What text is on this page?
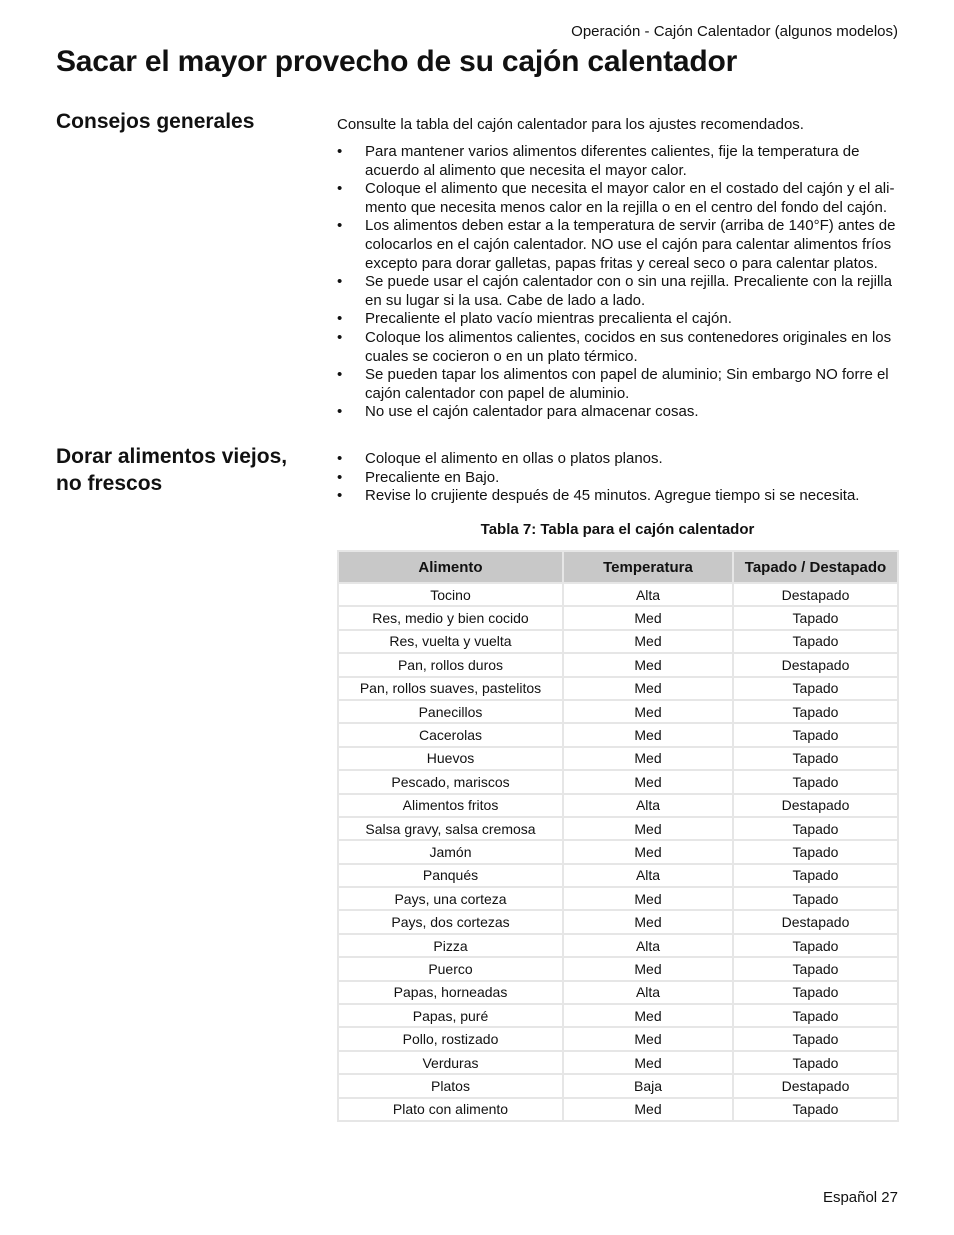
Operación - Cajón Calentador (algunos modelos)
Sacar el mayor provecho de su cajón calentador
Consejos generales	Consulte la tabla del cajón calentador para los ajustes recomendados.

• Para mantener varios alimentos diferentes calientes, fije la temperatura de acuerdo al alimento que necesita el mayor calor.
• Coloque el alimento que necesita el mayor calor en el costado del cajón y el ali- mento que necesita menos calor en la rejilla o en el centro del fondo del cajón.
• Los alimentos deben estar a la temperatura de servir (arriba de 140°F) antes de colocarlos en el cajón calentador. NO use el cajón para calentar alimentos fríos excepto para dorar galletas, papas fritas y cereal seco o para calentar platos.
• Se puede usar el cajón calentador con o sin una rejilla. Precaliente con la rejilla en su lugar si la usa. Cabe de lado a lado.
• Precaliente el plato vacío mientras precalienta el cajón.
• Coloque los alimentos calientes, cocidos en sus contenedores originales en los cuales se cocieron o en un plato térmico.
• Se pueden tapar los alimentos con papel de aluminio; Sin embargo NO forre el cajón calentador con papel de aluminio.
• No use el cajón calentador para almacenar cosas.
Dorar alimentos viejos, no frescos
• Coloque el alimento en ollas o platos planos.
• Precaliente en Bajo.
• Revise lo crujiente después de 45 minutos. Agregue tiempo si se necesita.
Tabla 7: Tabla para el cajón calentador
Alimento	Temperatura	Tapado / Destapado
Tocino	Alta	Destapado
Res, medio y bien cocido	Med	Tapado
Res, vuelta y vuelta	Med	Tapado
Pan, rollos duros	Med	Destapado
Pan, rollos suaves, pastelitos	Med	Tapado
Panecillos	Med	Tapado
Cacerolas	Med	Tapado
Huevos	Med	Tapado
Pescado, mariscos	Med	Tapado
Alimentos fritos	Alta	Destapado
Salsa gravy, salsa cremosa	Med	Tapado
Jamón	Med	Tapado
Panqués	Alta	Tapado
Pays, una corteza	Med	Tapado
Pays, dos cortezas	Med	Destapado
Pizza	Alta	Tapado
Puerco	Med	Tapado
Papas, horneadas	Alta	Tapado
Papas, puré	Med	Tapado
Pollo, rostizado	Med	Tapado
Verduras	Med	Tapado
Platos	Baja	Destapado
Plato con alimento	Med	Tapado
Español 27
